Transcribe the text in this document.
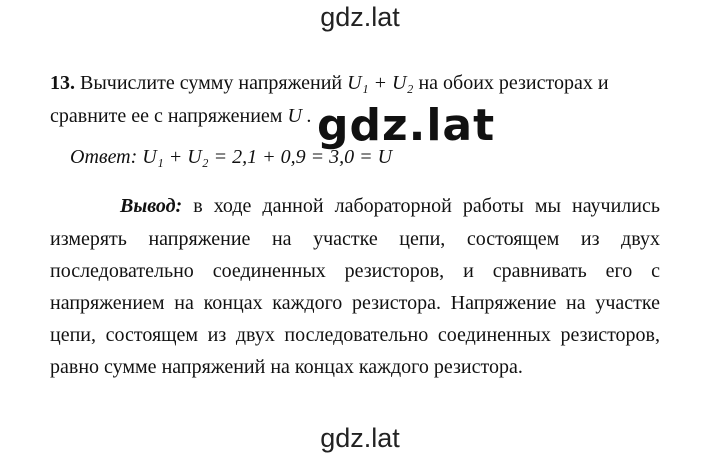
gdz.lat
13. Вычислите сумму напряжений U₁ + U₂ на обоих резисторах и
сравните ее с напряжением U . gdz.lat
Ответ: U₁ + U₂ = 2,1 + 0,9 = 3,0 = U
Вывод: в ходе данной лабораторной работы мы научились
измерять напряжение на участке цепи, состоящем из двух
последовательно соединенных резисторов, и сравнивать его с
напряжением на концах каждого резистора. Напряжение на участке
цепи, состоящем из двух последовательно соединенных резисторов,
равно сумме напряжений на концах каждого резистора.
gdz.lat
